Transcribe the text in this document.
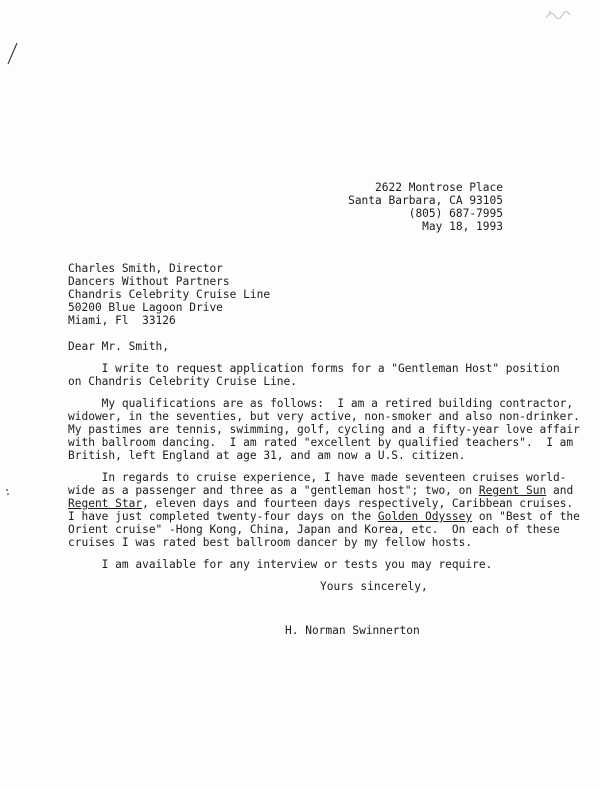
2622 Montrose Place
Santa Barbara, CA 93105
(805) 687-7995
May 18, 1993
Charles Smith, Director
Dancers Without Partners
Chandris Celebrity Cruise Line
50200 Blue Lagoon Drive
Miami, Fl  33126
Dear Mr. Smith,
I write to request application forms for a "Gentleman Host" position
on Chandris Celebrity Cruise Line.
My qualifications are as follows:  I am a retired building contractor,
widower, in the seventies, but very active, non-smoker and also non-drinker.
My pastimes are tennis, swimming, golf, cycling and a fifty-year love affair
with ballroom dancing.  I am rated "excellent by qualified teachers".  I am
British, left England at age 31, and am now a U.S. citizen.
In regards to cruise experience, I have made seventeen cruises world-
wide as a passenger and three as a "gentleman host"; two, on Regent Sun and
Regent Star, eleven days and fourteen days respectively, Caribbean cruises.
I have just completed twenty-four days on the Golden Odyssey on "Best of the
Orient cruise" -Hong Kong, China, Japan and Korea, etc.  On each of these
cruises I was rated best ballroom dancer by my fellow hosts.
I am available for any interview or tests you may require.
Yours sincerely,
H. Norman Swinnerton
